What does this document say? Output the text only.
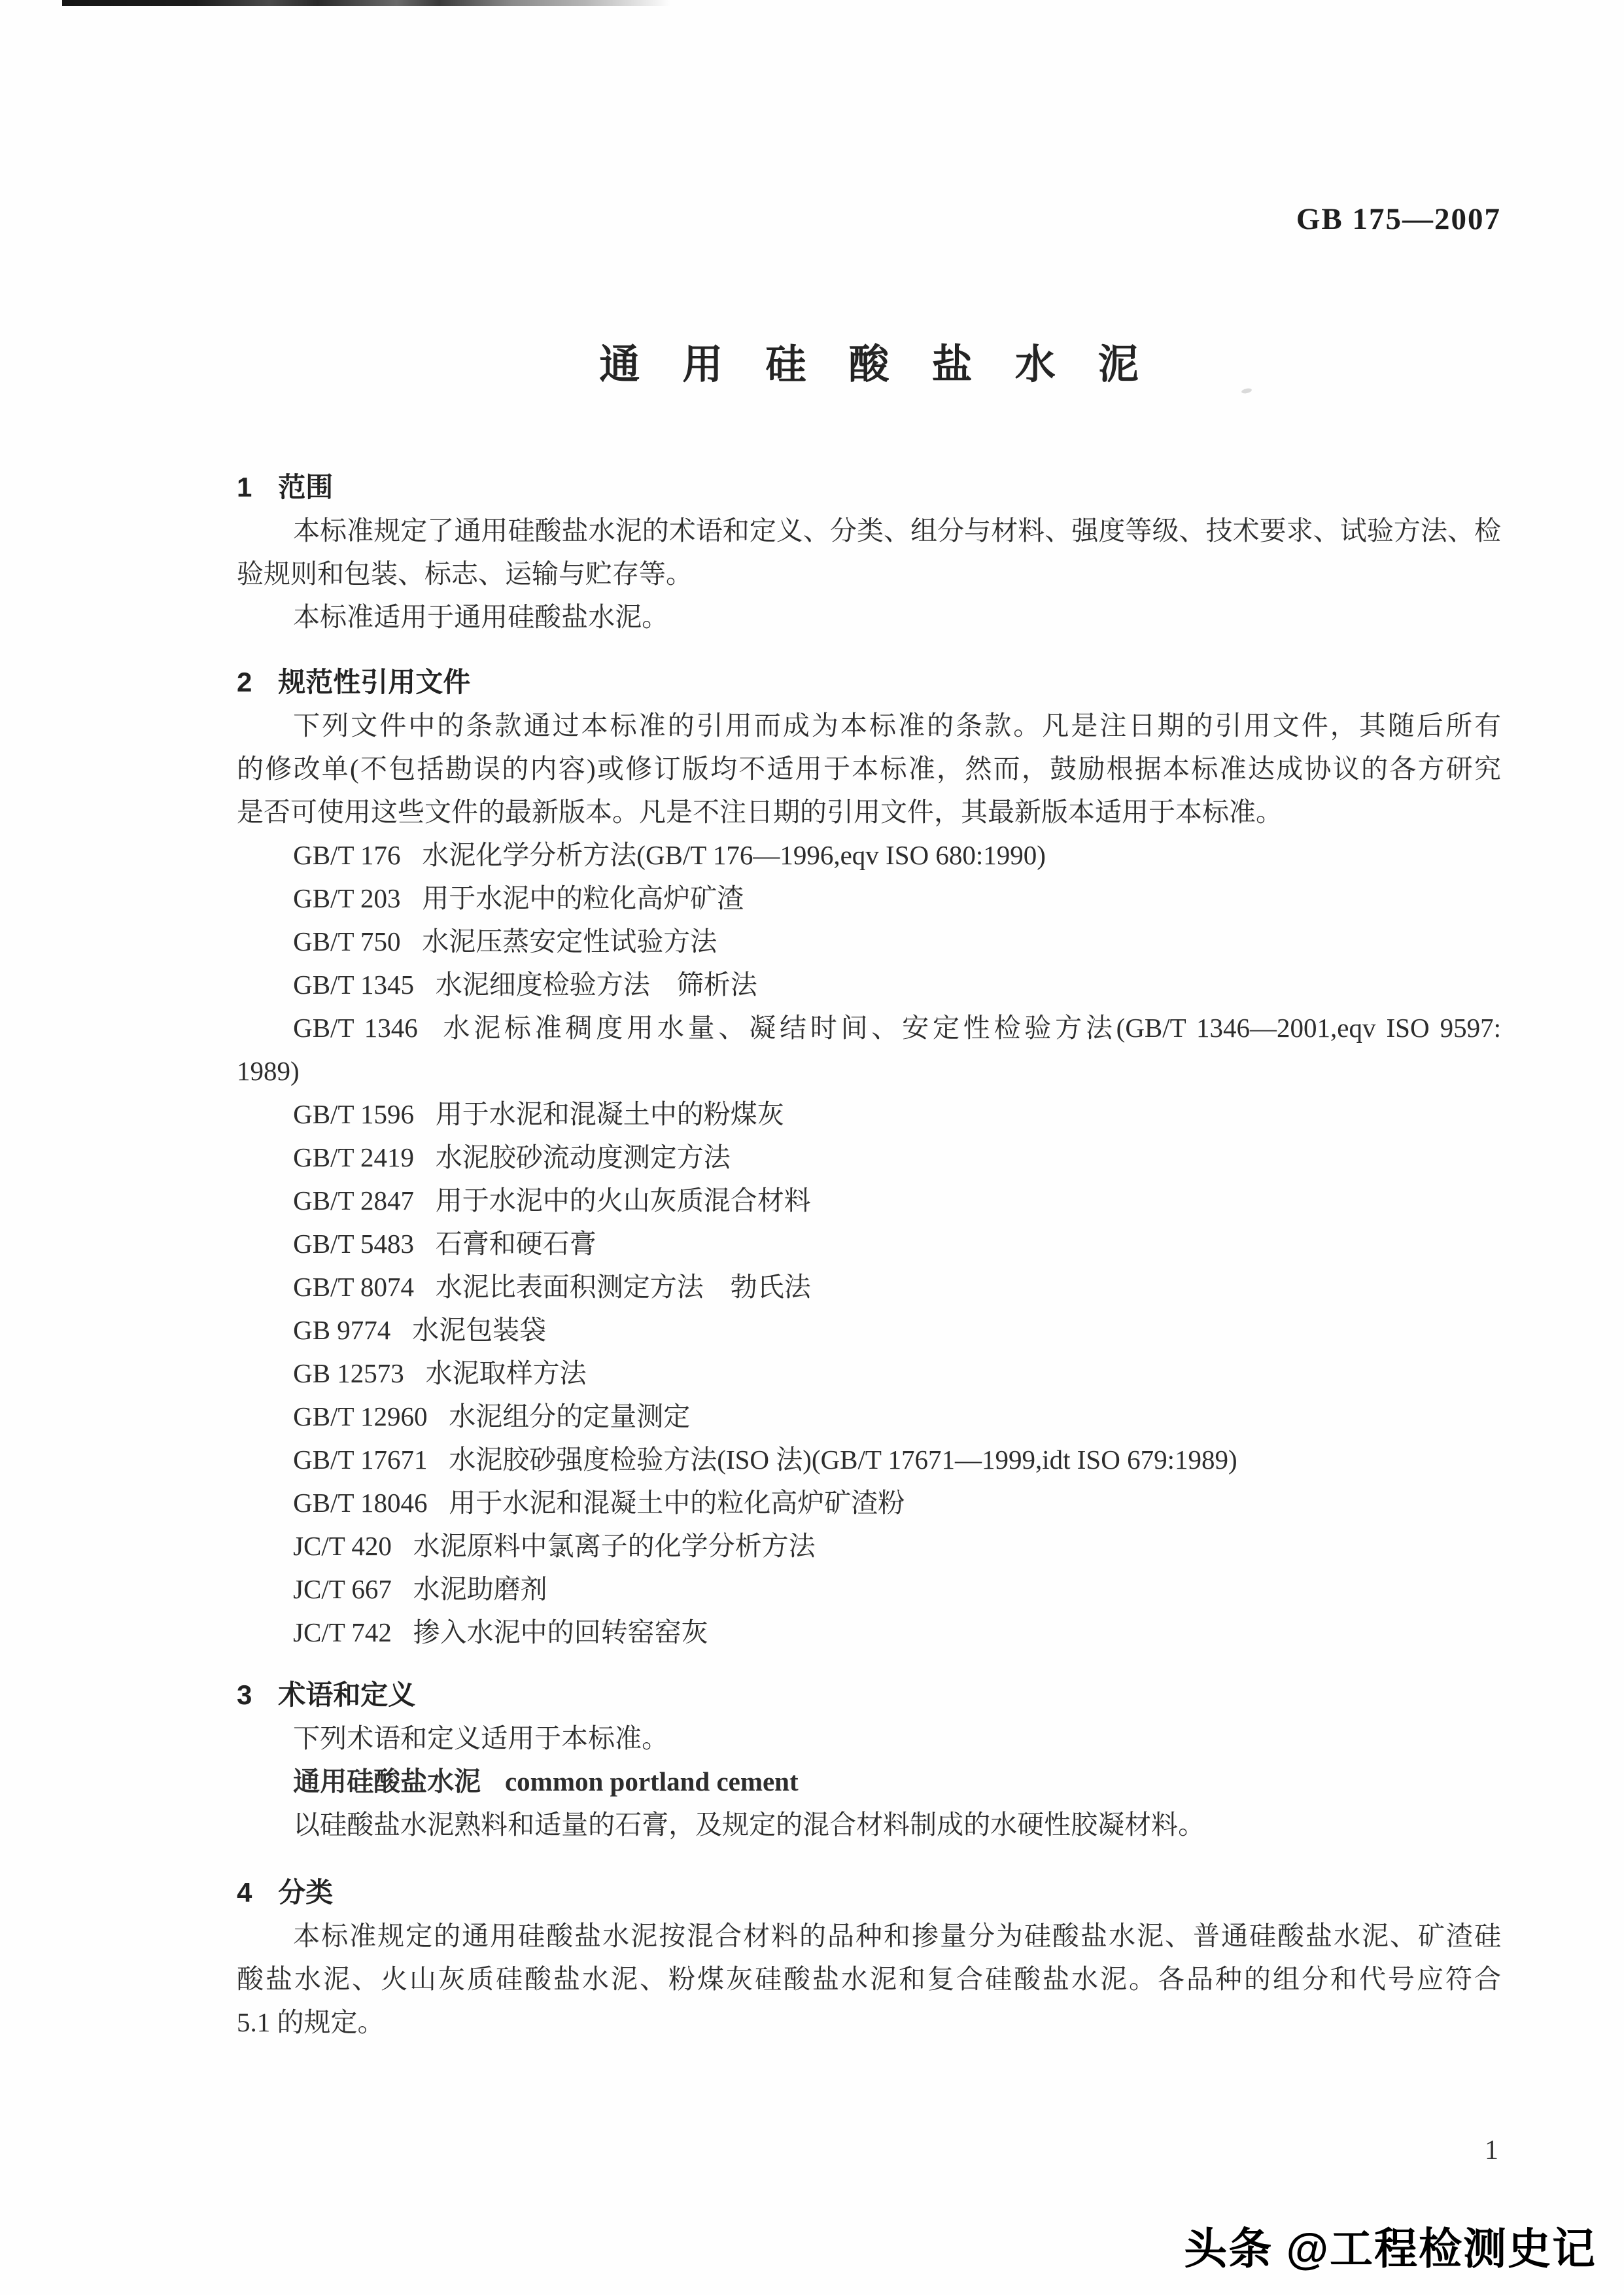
GB 175—2007
通用硅酸盐水泥
1 范围

本标准规定了通用硅酸盐水泥的术语和定义、分类、组分与材料、强度等级、技术要求、试验方法、检

验规则和包装、标志、运输与贮存等。

本标准适用于通用硅酸盐水泥。

2 规范性引用文件

下列文件中的条款通过本标准的引用而成为本标准的条款。凡是注日期的引用文件，其随后所有

的修改单(不包括勘误的内容)或修订版均不适用于本标准，然而，鼓励根据本标准达成协议的各方研究

是否可使用这些文件的最新版本。凡是不注日期的引用文件，其最新版本适用于本标准。

GB/T 176 水泥化学分析方法(GB/T 176—1996,eqv ISO 680:1990)

GB/T 203 用于水泥中的粒化高炉矿渣

GB/T 750 水泥压蒸安定性试验方法

GB/T 1345 水泥细度检验方法　筛析法

GB/T 1346 水泥标准稠度用水量、凝结时间、安定性检验方法(GB/T 1346—2001,eqv ISO 9597:

1989)

GB/T 1596 用于水泥和混凝土中的粉煤灰

GB/T 2419 水泥胶砂流动度测定方法

GB/T 2847 用于水泥中的火山灰质混合材料

GB/T 5483 石膏和硬石膏

GB/T 8074 水泥比表面积测定方法　勃氏法

GB 9774 水泥包装袋

GB 12573 水泥取样方法

GB/T 12960 水泥组分的定量测定

GB/T 17671 水泥胶砂强度检验方法(ISO 法)(GB/T 17671—1999,idt ISO 679:1989)

GB/T 18046 用于水泥和混凝土中的粒化高炉矿渣粉

JC/T 420 水泥原料中氯离子的化学分析方法

JC/T 667 水泥助磨剂

JC/T 742 掺入水泥中的回转窑窑灰

3 术语和定义

下列术语和定义适用于本标准。

通用硅酸盐水泥 common portland cement

以硅酸盐水泥熟料和适量的石膏，及规定的混合材料制成的水硬性胶凝材料。

4 分类

本标准规定的通用硅酸盐水泥按混合材料的品种和掺量分为硅酸盐水泥、普通硅酸盐水泥、矿渣硅

酸盐水泥、火山灰质硅酸盐水泥、粉煤灰硅酸盐水泥和复合硅酸盐水泥。各品种的组分和代号应符合

5.1 的规定。

1
头条 @工程检测史记
